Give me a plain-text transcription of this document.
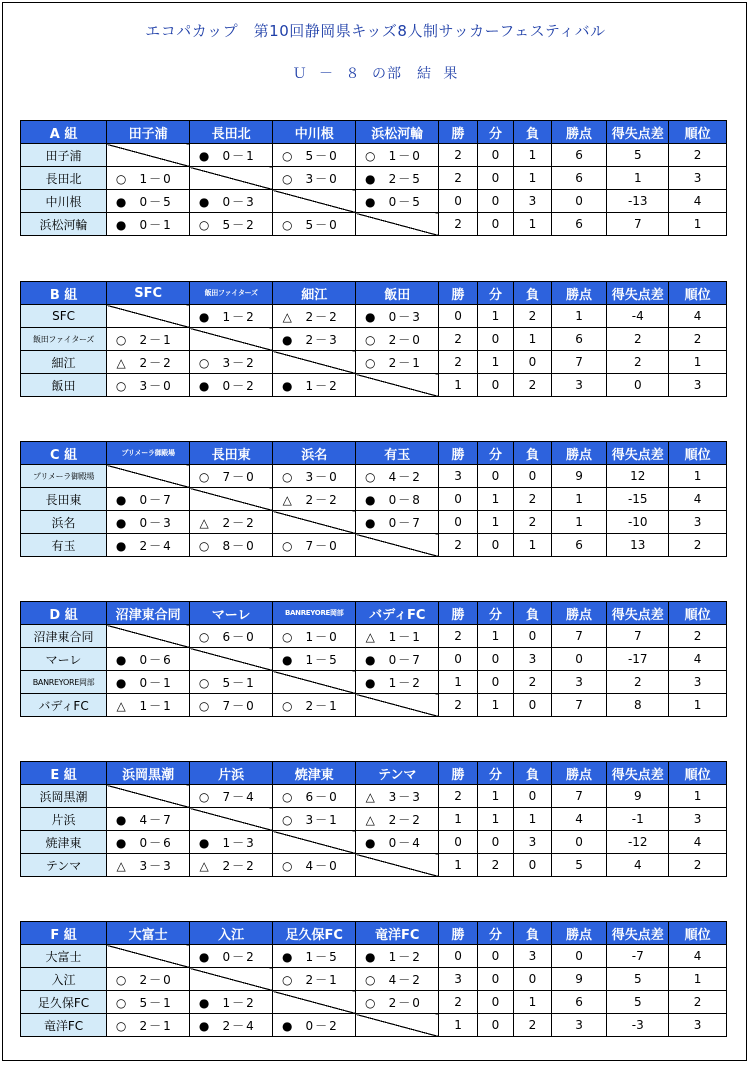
エコパカップ　第10回静岡県キッズ8人制サッカーフェスティバル
Ｕ － ８ の部　結 果
A 組	田子浦	長田北	中川根	浜松河輪	勝	分	負	勝点	得失点差	順位
田子浦		● 0－1	○ 5－0	○ 1－0	2	0	1	6	5	2
長田北	○ 1－0		○ 3－0	● 2－5	2	0	1	6	1	3
中川根	● 0－5	● 0－3		● 0－5	0	0	3	0	-13	4
浜松河輪	● 0－1	○ 5－2	○ 5－0		2	0	1	6	7	1
B 組	SFC	飯田ファイターズ	細江	飯田	勝	分	負	勝点	得失点差	順位
SFC		● 1－2	△ 2－2	● 0－3	0	1	2	1	-4	4
飯田ファイターズ	○ 2－1		● 2－3	○ 2－0	2	0	1	6	2	2
細江	△ 2－2	○ 3－2		○ 2－1	2	1	0	7	2	1
飯田	○ 3－0	● 0－2	● 1－2		1	0	2	3	0	3
C 組	プリメーラ御殿場	長田東	浜名	有玉	勝	分	負	勝点	得失点差	順位
プリメーラ御殿場		○ 7－0	○ 3－0	○ 4－2	3	0	0	9	12	1
長田東	● 0－7		△ 2－2	● 0－8	0	1	2	1	-15	4
浜名	● 0－3	△ 2－2		● 0－7	0	1	2	1	-10	3
有玉	● 2－4	○ 8－0	○ 7－0		2	0	1	6	13	2
D 組	沼津東合同	マーレ	BANREYORE岡部	バディFC	勝	分	負	勝点	得失点差	順位
沼津東合同		○ 6－0	○ 1－0	△ 1－1	2	1	0	7	7	2
マーレ	● 0－6		● 1－5	● 0－7	0	0	3	0	-17	4
BANREYORE岡部	● 0－1	○ 5－1		● 1－2	1	0	2	3	2	3
バディFC	△ 1－1	○ 7－0	○ 2－1		2	1	0	7	8	1
E 組	浜岡黒潮	片浜	焼津東	テンマ	勝	分	負	勝点	得失点差	順位
浜岡黒潮		○ 7－4	○ 6－0	△ 3－3	2	1	0	7	9	1
片浜	● 4－7		○ 3－1	△ 2－2	1	1	1	4	-1	3
焼津東	● 0－6	● 1－3		● 0－4	0	0	3	0	-12	4
テンマ	△ 3－3	△ 2－2	○ 4－0		1	2	0	5	4	2
F 組	大富士	入江	足久保FC	竜洋FC	勝	分	負	勝点	得失点差	順位
大富士		● 0－2	● 1－5	● 1－2	0	0	3	0	-7	4
入江	○ 2－0		○ 2－1	○ 4－2	3	0	0	9	5	1
足久保FC	○ 5－1	● 1－2		○ 2－0	2	0	1	6	5	2
竜洋FC	○ 2－1	● 2－4	● 0－2		1	0	2	3	-3	3
